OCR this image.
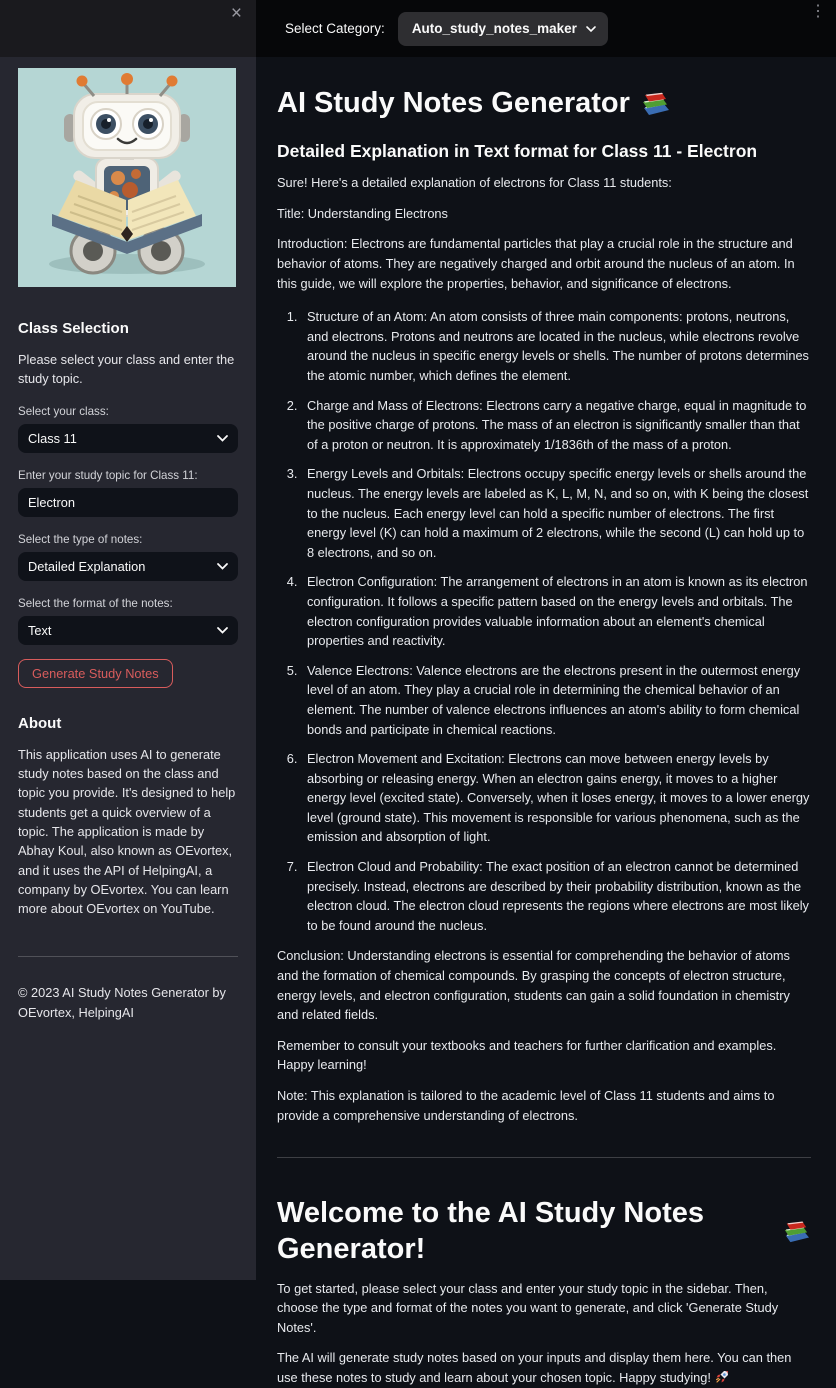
×
Select Category: Auto_study_notes_maker
⋮
Class Selection
Please select your class and enter the study topic.
Select your class:
Class 11
Enter your study topic for Class 11:
Electron
Select the type of notes:
Detailed Explanation
Select the format of the notes:
Text
Generate Study Notes
About
This application uses AI to generate study notes based on the class and topic you provide. It's designed to help students get a quick overview of a topic. The application is made by Abhay Koul, also known as OEvortex, and it uses the API of HelpingAI, a company by OEvortex. You can learn more about OEvortex on YouTube.
© 2023 AI Study Notes Generator by OEvortex, HelpingAI
AI Study Notes Generator
Detailed Explanation in Text format for Class 11 - Electron

Sure! Here's a detailed explanation of electrons for Class 11 students:

Title: Understanding Electrons

Introduction: Electrons are fundamental particles that play a crucial role in the structure and behavior of atoms. They are negatively charged and orbit around the nucleus of an atom. In this guide, we will explore the properties, behavior, and significance of electrons.

1. Structure of an Atom: An atom consists of three main components: protons, neutrons, and electrons. Protons and neutrons are located in the nucleus, while electrons revolve around the nucleus in specific energy levels or shells. The number of protons determines the atomic number, which defines the element.
2. Charge and Mass of Electrons: Electrons carry a negative charge, equal in magnitude to the positive charge of protons. The mass of an electron is significantly smaller than that of a proton or neutron. It is approximately 1/1836th of the mass of a proton.
3. Energy Levels and Orbitals: Electrons occupy specific energy levels or shells around the nucleus. The energy levels are labeled as K, L, M, N, and so on, with K being the closest to the nucleus. Each energy level can hold a specific number of electrons. The first energy level (K) can hold a maximum of 2 electrons, while the second (L) can hold up to 8 electrons, and so on.
4. Electron Configuration: The arrangement of electrons in an atom is known as its electron configuration. It follows a specific pattern based on the energy levels and orbitals. The electron configuration provides valuable information about an element's chemical properties and reactivity.
5. Valence Electrons: Valence electrons are the electrons present in the outermost energy level of an atom. They play a crucial role in determining the chemical behavior of an element. The number of valence electrons influences an atom's ability to form chemical bonds and participate in chemical reactions.
6. Electron Movement and Excitation: Electrons can move between energy levels by absorbing or releasing energy. When an electron gains energy, it moves to a higher energy level (excited state). Conversely, when it loses energy, it moves to a lower energy level (ground state). This movement is responsible for various phenomena, such as the emission and absorption of light.
7. Electron Cloud and Probability: The exact position of an electron cannot be determined precisely. Instead, electrons are described by their probability distribution, known as the electron cloud. The electron cloud represents the regions where electrons are most likely to be found around the nucleus.

Conclusion: Understanding electrons is essential for comprehending the behavior of atoms and the formation of chemical compounds. By grasping the concepts of electron structure, energy levels, and electron configuration, students can gain a solid foundation in chemistry and related fields.

Remember to consult your textbooks and teachers for further clarification and examples. Happy learning!

Note: This explanation is tailored to the academic level of Class 11 students and aims to provide a comprehensive understanding of electrons.

Welcome to the AI Study Notes Generator!

To get started, please select your class and enter your study topic in the sidebar. Then, choose the type and format of the notes you want to generate, and click 'Generate Study Notes'.

The AI will generate study notes based on your inputs and display them here. You can then use these notes to study and learn about your chosen topic. Happy studying!
